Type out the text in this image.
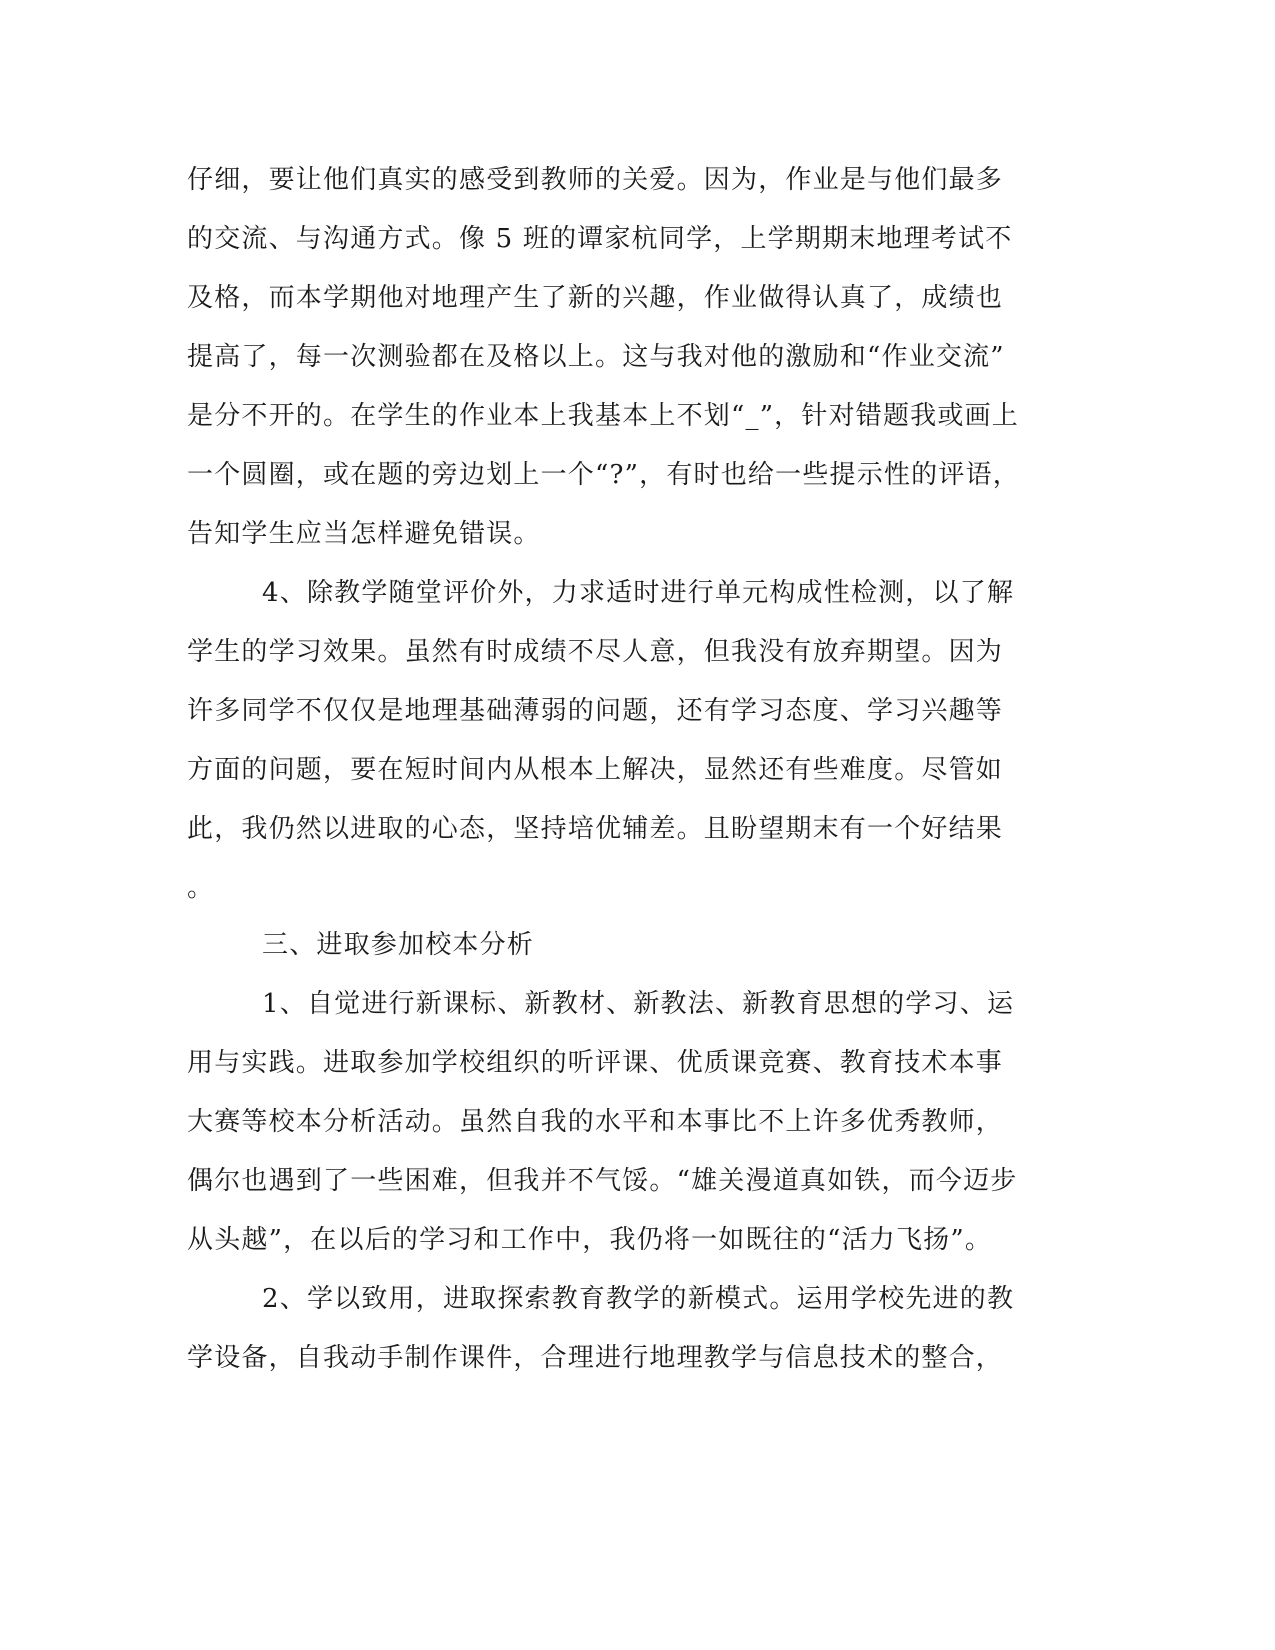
仔细，要让他们真实的感受到教师的关爱。因为，作业是与他们最多
的交流、与沟通方式。像 5 班的谭家杭同学，上学期期末地理考试不
及格，而本学期他对地理产生了新的兴趣，作业做得认真了，成绩也
提高了，每一次测验都在及格以上。这与我对他的激励和“作业交流”
是分不开的。在学生的作业本上我基本上不划“_”，针对错题我或画上
一个圆圈，或在题的旁边划上一个“?”，有时也给一些提示性的评语，
告知学生应当怎样避免错误。
4、除教学随堂评价外，力求适时进行单元构成性检测，以了解
学生的学习效果。虽然有时成绩不尽人意，但我没有放弃期望。因为
许多同学不仅仅是地理基础薄弱的问题，还有学习态度、学习兴趣等
方面的问题，要在短时间内从根本上解决，显然还有些难度。尽管如
此，我仍然以进取的心态，坚持培优辅差。且盼望期末有一个好结果
。
三、进取参加校本分析
1、自觉进行新课标、新教材、新教法、新教育思想的学习、运
用与实践。进取参加学校组织的听评课、优质课竞赛、教育技术本事
大赛等校本分析活动。虽然自我的水平和本事比不上许多优秀教师，
偶尔也遇到了一些困难，但我并不气馁。“雄关漫道真如铁，而今迈步
从头越”，在以后的学习和工作中，我仍将一如既往的“活力飞扬”。
2、学以致用，进取探索教育教学的新模式。运用学校先进的教
学设备，自我动手制作课件，合理进行地理教学与信息技术的整合，
